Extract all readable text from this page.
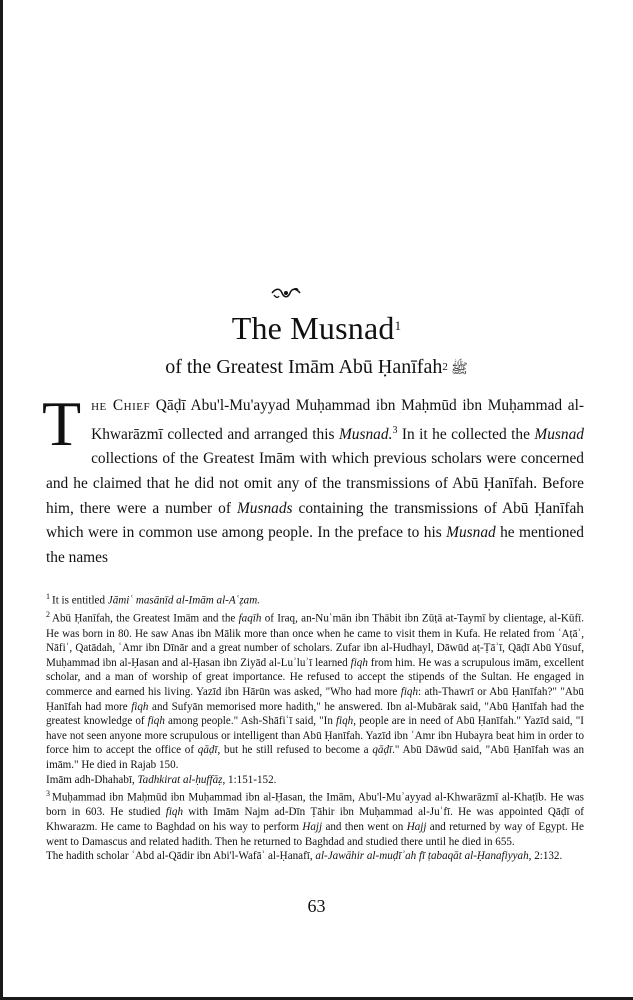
The Musnad$^1$
of the Greatest Imām Abū Ḥanīfah ﷺ$^2$
T he Chief Qāḍī Abu'l-Mu'ayyad Muḥammad ibn Maḥmūd ibn Muḥammad al-Khwarāzmī collected and arranged this Musnad.$^3$ In it he collected the Musnad collections of the Greatest Imām with which previous scholars were concerned and he claimed that he did not omit any of the transmissions of Abū Ḥanīfah. Before him, there were a number of Musnads containing the transmissions of Abū Ḥanīfah which were in common use among people. In the preface to his Musnad he mentioned the names

$^1$ It is entitled Jāmiʿ masānīd al-Imām al-Aʿẓam.

$^2$ Abū Ḥanīfah, the Greatest Imām and the faqīh of Iraq, an-Nuʿmān ibn Thābit ibn Zūṭā at-Taymī by clientage, al-Kūfī. He was born in 80. He saw Anas ibn Mālik more than once when he came to visit them in Kufa. He related from ʿAṭāʾ, Nāfiʿ, Qatādah, ʿAmr ibn Dīnār and a great number of scholars. Zufar ibn al-Hudhayl, Dāwūd aṭ-Ṭāʾī, Qāḍī Abū Yūsuf, Muḥammad ibn al-Ḥasan and al-Ḥasan ibn Ziyād al-Luʾluʾī learned fiqh from him. He was a scrupulous imām, excellent scholar, and a man of worship of great importance. He refused to accept the stipends of the Sultan. He engaged in commerce and earned his living. Yazīd ibn Hārūn was asked, "Who had more fiqh: ath-Thawrī or Abū Ḥanīfah?" "Abū Ḥanīfah had more fiqh and Sufyān memorised more hadith," he answered. Ibn al-Mubārak said, "Abū Ḥanīfah had the greatest knowledge of fiqh among people." Ash-Shāfiʿī said, "In fiqh, people are in need of Abū Ḥanīfah." Yazīd said, "I have not seen anyone more scrupulous or intelligent than Abū Ḥanīfah. Yazīd ibn ʿAmr ibn Hubayra beat him in order to force him to accept the office of qāḍī, but he still refused to become a qāḍī." Abū Dāwūd said, "Abū Ḥanīfah was an imām." He died in Rajab 150.

Imām adh-Dhahabī, Tadhkirat al-ḥuffāẓ, 1:151-152.

$^3$ Muḥammad ibn Maḥmūd ibn Muḥammad ibn al-Ḥasan, the Imām, Abu'l-Muʾayyad al-Khwarāzmī al-Khaṭīb. He was born in 603. He studied fiqh with Imām Najm ad-Dīn Ṭāhir ibn Muḥammad al-Juʿfī. He was appointed Qāḍī of Khwarazm. He came to Baghdad on his way to perform Hajj and then went on Hajj and returned by way of Egypt. He went to Damascus and related hadith. Then he returned to Baghdad and studied there until he died in 655.

The hadith scholar ʿAbd al-Qādir ibn Abi'l-Wafāʾ al-Ḥanafī, al-Jawāhir al-muḍīʾah fī ṭabaqāt al-Ḥanafiyyah, 2:132.

63
